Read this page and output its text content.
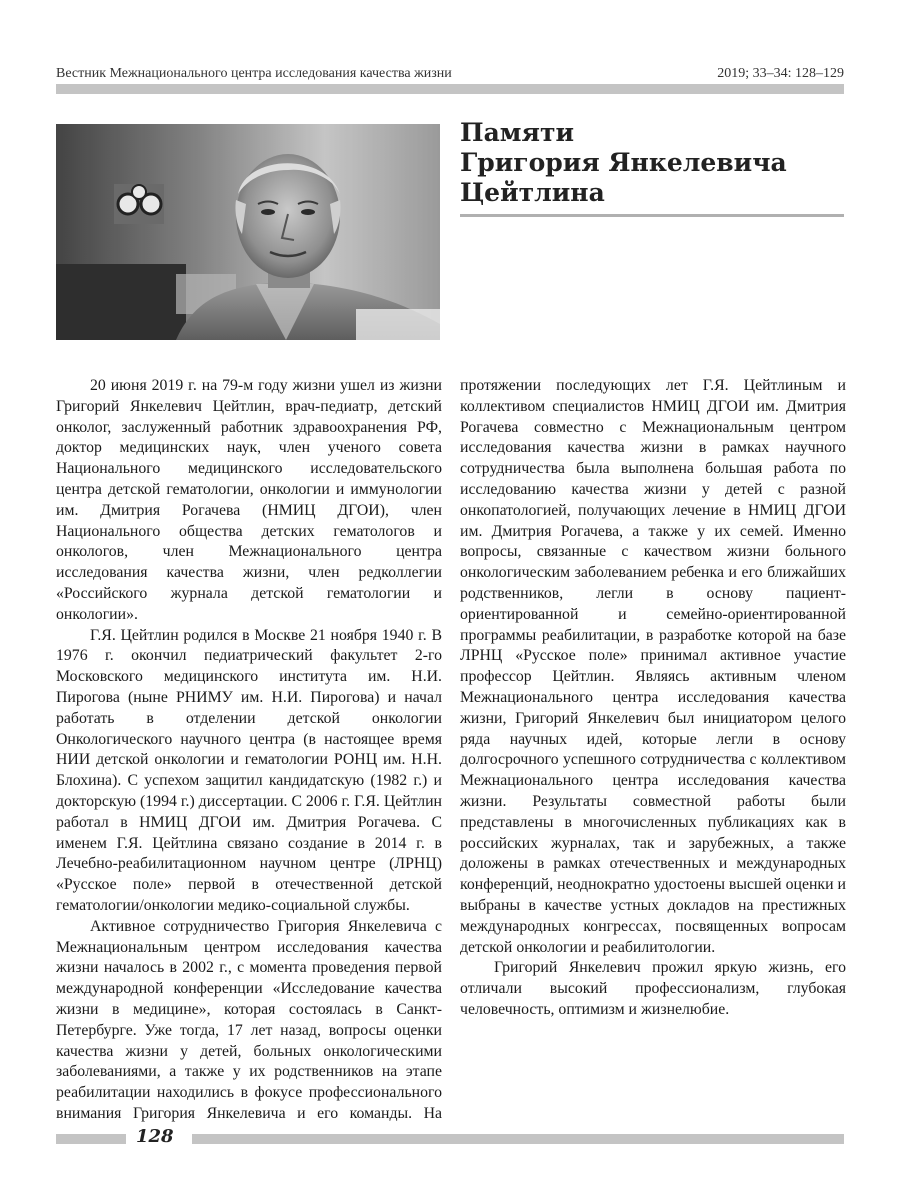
Вестник Межнационального центра исследования качества жизни	2019; 33–34: 128–129
Памяти
Григория Янкелевича
Цейтлина

20 июня 2019 г. на 79-м году жизни ушел из жизни Григорий Янкелевич Цейтлин, врач-педиатр, детский онколог, заслуженный работник здравоохранения РФ, доктор медицинских наук, член ученого совета Национального медицинского исследовательского центра детской гематологии, онкологии и иммунологии им. Дмитрия Рогачева (НМИЦ ДГОИ), член Национального общества детских гематологов и онкологов, член Межнационального центра исследования качества жизни, член редколлегии «Российского журнала детской гематологии и онкологии».

Г.Я. Цейтлин родился в Москве 21 ноября 1940 г. В 1976 г. окончил педиатрический факультет 2-го Московского медицинского института им. Н.И. Пирогова (ныне РНИМУ им. Н.И. Пирогова) и начал работать в отделении детской онкологии Онкологического научного центра (в настоящее время НИИ детской онкологии и гематологии РОНЦ им. Н.Н. Блохина). С успехом защитил кандидатскую (1982 г.) и докторскую (1994 г.) диссертации. С 2006 г. Г.Я. Цейтлин работал в НМИЦ ДГОИ им. Дмитрия Рогачева. С именем Г.Я. Цейтлина связано создание в 2014 г. в Лечебно-реабилитационном научном центре (ЛРНЦ) «Русское поле» первой в отечественной детской гематологии/онкологии медико-социальной службы.

Активное сотрудничество Григория Янкелевича с Межнациональным центром исследования качества жизни началось в 2002 г., с момента проведения первой международной конференции «Исследование качества жизни в медицине», которая состоялась в Санкт-Петербурге. Уже тогда, 17 лет назад, вопросы оценки качества жизни у детей, больных онкологическими заболеваниями, а также у их родственников на этапе реабилитации находились в фокусе профессионального внимания Григория Янкелевича и его команды. На протяжении последующих лет Г.Я. Цейтлиным и коллективом специалистов НМИЦ ДГОИ им. Дмитрия Рогачева совместно с Межнациональным центром исследования качества жизни в рамках научного сотрудничества была выполнена большая работа по исследованию качества жизни у детей с разной онкопатологией, получающих лечение в НМИЦ ДГОИ им. Дмитрия Рогачева, а также у их семей. Именно вопросы, связанные с качеством жизни больного онкологическим заболеванием ребенка и его ближайших родственников, легли в основу пациент-ориентированной и семейно-ориентированной программы реабилитации, в разработке которой на базе ЛРНЦ «Русское поле» принимал активное участие профессор Цейтлин. Являясь активным членом Межнационального центра исследования качества жизни, Григорий Янкелевич был инициатором целого ряда научных идей, которые легли в основу долгосрочного успешного сотрудничества с коллективом Межнационального центра исследования качества жизни. Результаты совместной работы были представлены в многочисленных публикациях как в российских журналах, так и зарубежных, а также доложены в рамках отечественных и международных конференций, неоднократно удостоены высшей оценки и выбраны в качестве устных докладов на престижных международных конгрессах, посвященных вопросам детской онкологии и реабилитологии.

Григорий Янкелевич прожил яркую жизнь, его отличали высокий профессионализм, глубокая человечность, оптимизм и жизнелюбие.

128
